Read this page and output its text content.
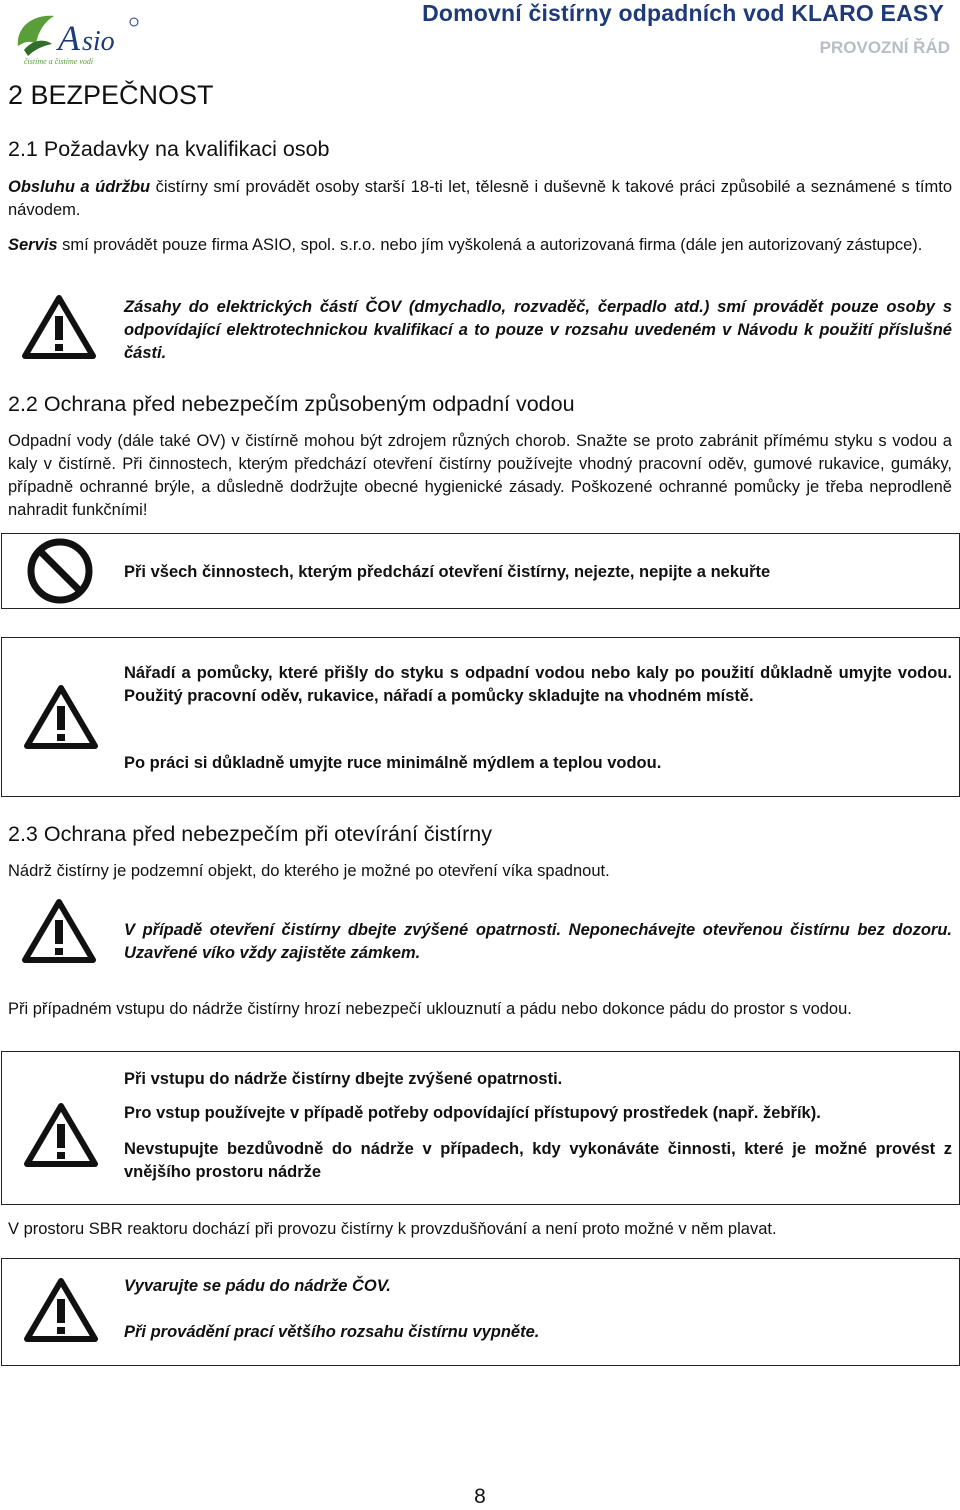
A sio
čistíme a čistíme vodí
Domovní čistírny odpadních vod KLARO EASY
PROVOZNÍ ŘÁD
2 BEZPEČNOST
2.1 Požadavky na kvalifikaci osob

Obsluhu a údržbu čistírny smí provádět osoby starší 18-ti let, tělesně i duševně k takové práci způsobilé a seznámené s tímto návodem.

Servis smí provádět pouze firma ASIO, spol. s.r.o. nebo jím vyškolená a autorizovaná firma (dále jen autorizovaný zástupce).

Zásahy do elektrických částí ČOV (dmychadlo, rozvaděč, čerpadlo atd.) smí provádět pouze osoby s odpovídající elektrotechnickou kvalifikací a to pouze v rozsahu uvedeném v Návodu k použití příslušné části.

2.2 Ochrana před nebezpečím způsobeným odpadní vodou

Odpadní vody (dále také OV) v čistírně mohou být zdrojem různých chorob. Snažte se proto zabránit přímému styku s vodou a kaly v čistírně. Při činnostech, kterým předchází otevření čistírny používejte vhodný pracovní oděv, gumové rukavice, gumáky, případně ochranné brýle, a důsledně dodržujte obecné hygienické zásady. Poškozené ochranné pomůcky je třeba neprodleně nahradit funkčními!

Při všech činnostech, kterým předchází otevření čistírny, nejezte, nepijte a nekuřte

Nářadí a pomůcky, které přišly do styku s odpadní vodou nebo kaly po použití důkladně umyjte vodou. Použitý pracovní oděv, rukavice, nářadí a pomůcky skladujte na vhodném místě.

Po práci si důkladně umyjte ruce minimálně mýdlem a teplou vodou.

2.3 Ochrana před nebezpečím při otevírání čistírny

Nádrž čistírny je podzemní objekt, do kterého je možné po otevření víka spadnout.

V případě otevření čistírny dbejte zvýšené opatrnosti. Neponechávejte otevřenou čistírnu bez dozoru. Uzavřené víko vždy zajistěte zámkem.

Při případném vstupu do nádrže čistírny hrozí nebezpečí uklouznutí a pádu nebo dokonce pádu do prostor s vodou.

Při vstupu do nádrže čistírny dbejte zvýšené opatrnosti.

Pro vstup používejte v případě potřeby odpovídající přístupový prostředek (např. žebřík).

Nevstupujte bezdůvodně do nádrže v případech, kdy vykonáváte činnosti, které je možné provést z vnějšího prostoru nádrže

V prostoru SBR reaktoru dochází při provozu čistírny k provzdušňování a není proto možné v něm plavat.

Vyvarujte se pádu do nádrže ČOV.

Při provádění prací většího rozsahu čistírnu vypněte.

8
